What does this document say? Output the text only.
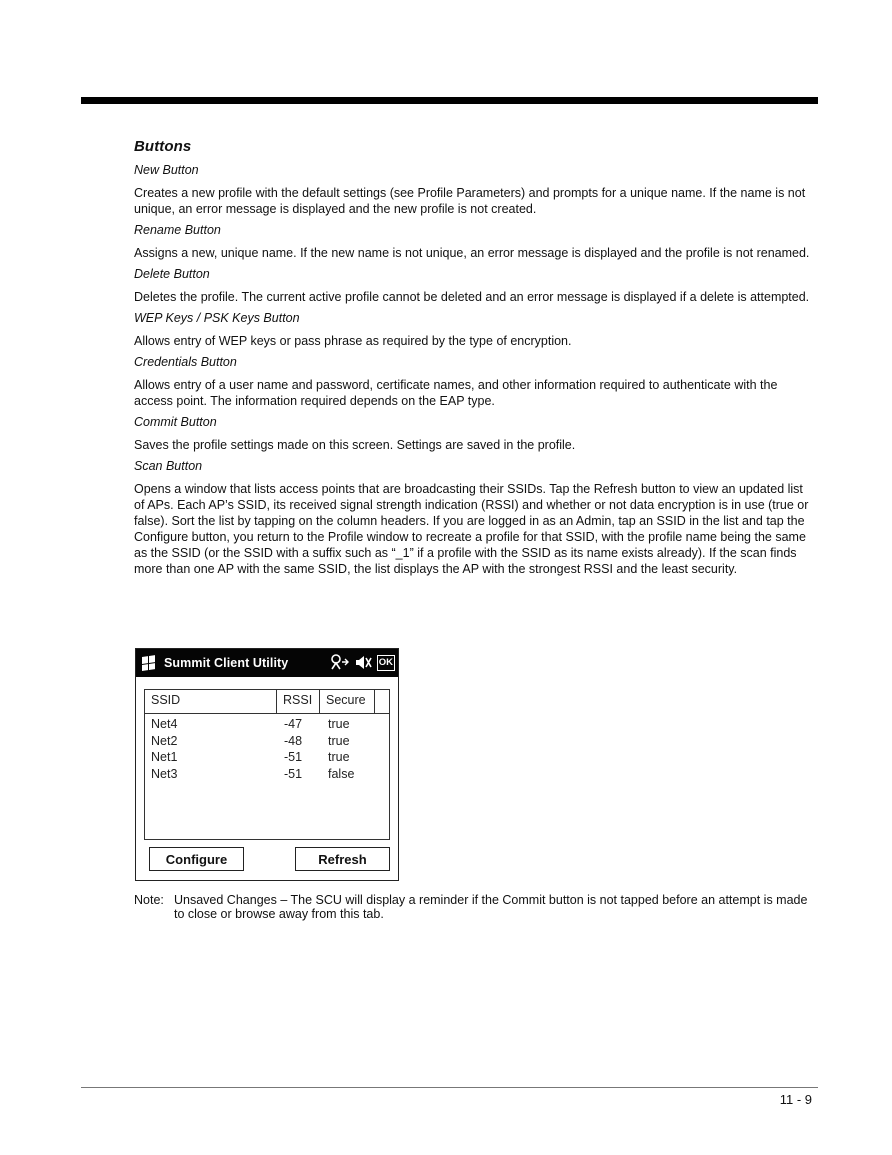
Buttons
New Button
Creates a new profile with the default settings (see Profile Parameters) and prompts for a unique name. If the name is not unique, an error message is displayed and the new profile is not created.
Rename Button
Assigns a new, unique name. If the new name is not unique, an error message is displayed and the profile is not renamed.
Delete Button
Deletes the profile. The current active profile cannot be deleted and an error message is displayed if a delete is attempted.
WEP Keys / PSK Keys Button
Allows entry of WEP keys or pass phrase as required by the type of encryption.
Credentials Button
Allows entry of a user name and password, certificate names, and other information required to authenticate with the access point. The information required depends on the EAP type.
Commit Button
Saves the profile settings made on this screen. Settings are saved in the profile.
Scan Button
Opens a window that lists access points that are broadcasting their SSIDs. Tap the Refresh button to view an updated list of APs. Each AP’s SSID, its received signal strength indication (RSSI) and whether or not data encryption is in use (true or false). Sort the list by tapping on the column headers. If you are logged in as an Admin, tap an SSID in the list and tap the Configure button, you return to the Profile window to recreate a profile for that SSID, with the profile name being the same as the SSID (or the SSID with a suffix such as “_1” if a profile with the SSID as its name exists already). If the scan finds more than one AP with the same SSID, the list displays the AP with the strongest RSSI and the least security.
Summit Client Utility	OK
SSID	RSSI	Secure
Net4	-47	true
Net2	-48	true
Net1	-51	true
Net3	-51	false
Configure	Refresh
Note: Unsaved Changes – The SCU will display a reminder if the Commit button is not tapped before an attempt is made to close or browse away from this tab.
11 - 9
